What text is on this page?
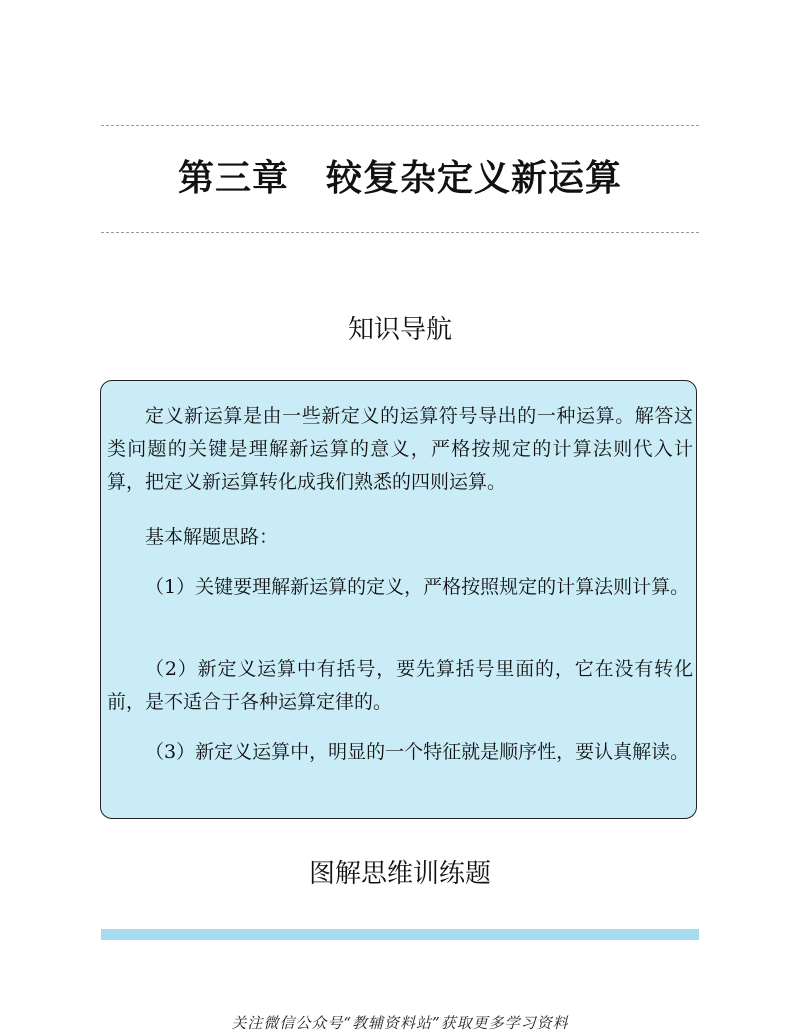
第三章　较复杂定义新运算
知识导航

定义新运算是由一些新定义的运算符号导出的一种运算。解答这类问题的关键是理解新运算的意义，严格按规定的计算法则代入计算，把定义新运算转化成我们熟悉的四则运算。

基本解题思路：

（1）关键要理解新运算的定义，严格按照规定的计算法则计算。

（2）新定义运算中有括号，要先算括号里面的，它在没有转化前，是不适合于各种运算定律的。

（3）新定义运算中，明显的一个特征就是顺序性，要认真解读。

图解思维训练题
关注微信公众号“教辅资料站”获取更多学习资料
